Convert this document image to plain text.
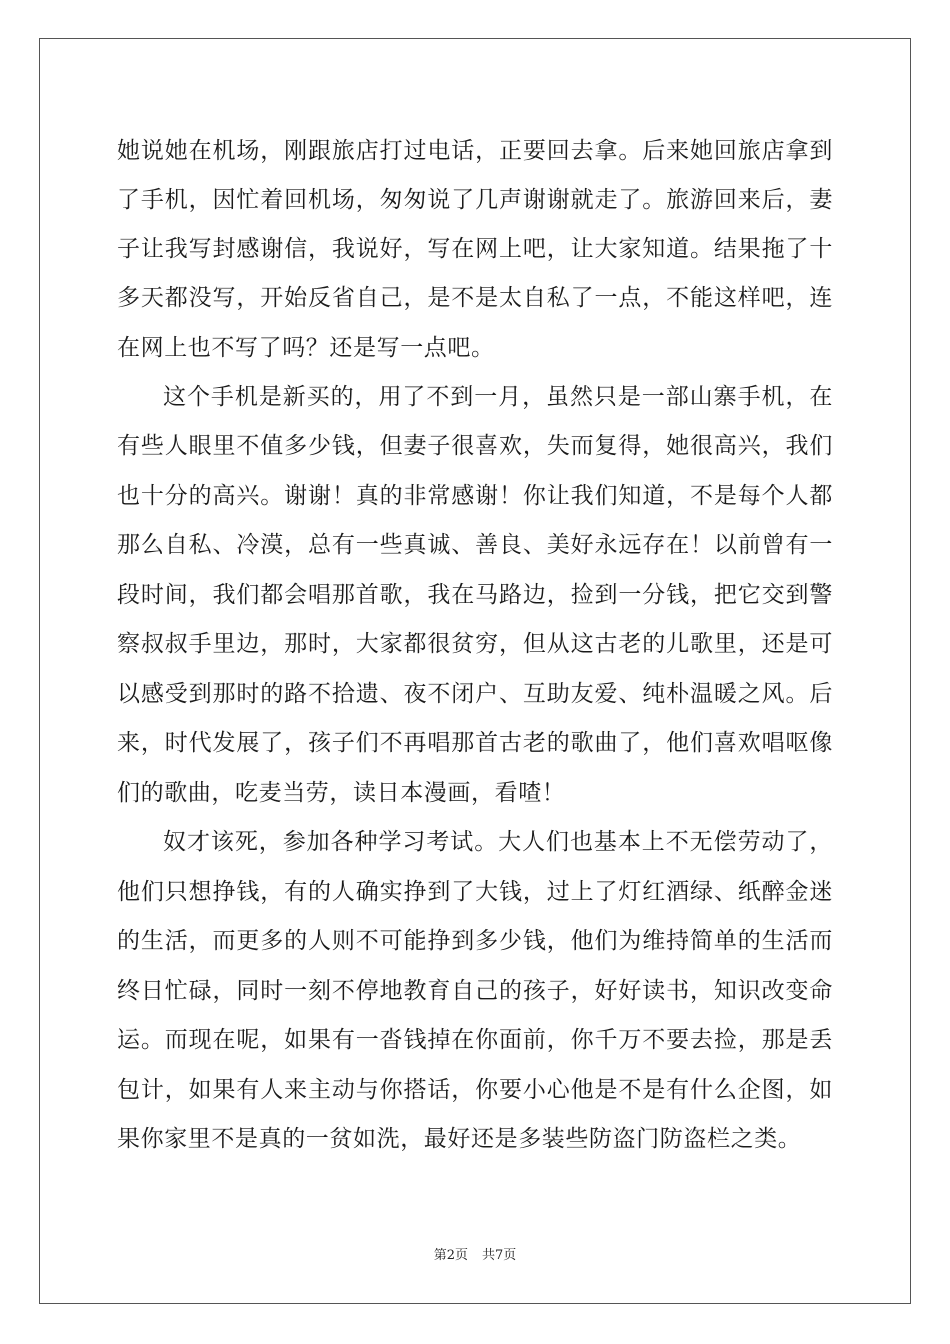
她说她在机场，刚跟旅店打过电话，正要回去拿。后来她回旅店拿到
了手机，因忙着回机场，匆匆说了几声谢谢就走了。旅游回来后，妻
子让我写封感谢信，我说好，写在网上吧，让大家知道。结果拖了十
多天都没写，开始反省自己，是不是太自私了一点，不能这样吧，连
在网上也不写了吗？还是写一点吧。
这个手机是新买的，用了不到一月，虽然只是一部山寨手机，在
有些人眼里不值多少钱，但妻子很喜欢，失而复得，她很高兴，我们
也十分的高兴。谢谢！真的非常感谢！你让我们知道，不是每个人都
那么自私、冷漠，总有一些真诚、善良、美好永远存在！以前曾有一
段时间，我们都会唱那首歌，我在马路边，捡到一分钱，把它交到警
察叔叔手里边，那时，大家都很贫穷，但从这古老的儿歌里，还是可
以感受到那时的路不拾遗、夜不闭户、互助友爱、纯朴温暖之风。后
来，时代发展了，孩子们不再唱那首古老的歌曲了，他们喜欢唱呕像
们的歌曲，吃麦当劳，读日本漫画，看喳！
奴才该死，参加各种学习考试。大人们也基本上不无偿劳动了，
他们只想挣钱，有的人确实挣到了大钱，过上了灯红酒绿、纸醉金迷
的生活，而更多的人则不可能挣到多少钱，他们为维持简单的生活而
终日忙碌，同时一刻不停地教育自己的孩子，好好读书，知识改变命
运。而现在呢，如果有一沓钱掉在你面前，你千万不要去捡，那是丢
包计，如果有人来主动与你搭话，你要小心他是不是有什么企图，如
果你家里不是真的一贫如洗，最好还是多装些防盗门防盗栏之类。
第2页 共7页
